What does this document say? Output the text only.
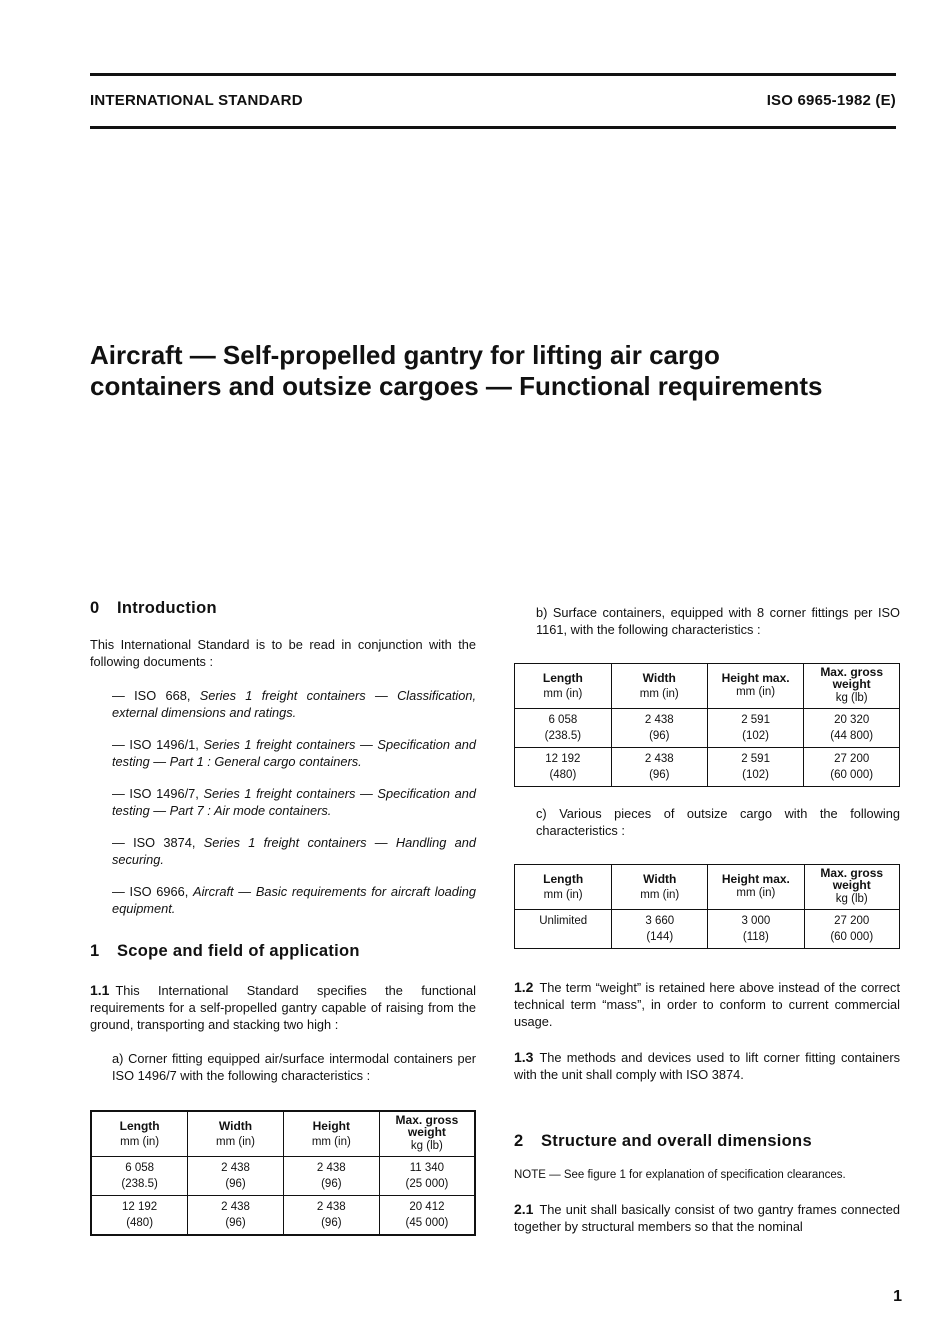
INTERNATIONAL STANDARD	ISO 6965-1982 (E)
Aircraft — Self-propelled gantry for lifting air cargo
containers and outsize cargoes — Functional requirements
0 Introduction

This International Standard is to be read in conjunction with the following documents :

— ISO 668, Series 1 freight containers — Classification, external dimensions and ratings.

— ISO 1496/1, Series 1 freight containers — Specification and testing — Part 1 : General cargo containers.

— ISO 1496/7, Series 1 freight containers — Specification and testing — Part 7 : Air mode containers.

— ISO 3874, Series 1 freight containers — Handling and securing.

— ISO 6966, Aircraft — Basic requirements for aircraft loading equipment.

1 Scope and field of application

1.1 This International Standard specifies the functional requirements for a self-propelled gantry capable of raising from the ground, transporting and stacking two high :

a) Corner fitting equipped air/surface intermodal containers per ISO 1496/7 with the following characteristics :

Length
mm (in)	Width
mm (in)	Height
mm (in)	Max. gross weight
kg (lb)

6 058
(238.5)	2 438
(96)	2 438
(96)	11 340
(25 000)

12 192
(480)	2 438
(96)	2 438
(96)	20 412
(45 000)

b) Surface containers, equipped with 8 corner fittings per ISO 1161, with the following characteristics :

Length
mm (in)	Width
mm (in)	Height max.
mm (in)	Max. gross weight
kg (lb)

6 058
(238.5)	2 438
(96)	2 591
(102)	20 320
(44 800)

12 192
(480)	2 438
(96)	2 591
(102)	27 200
(60 000)

c) Various pieces of outsize cargo with the following characteristics :

Length
mm (in)	Width
mm (in)	Height max.
mm (in)	Max. gross weight
kg (lb)

Unlimited	3 660
(144)	3 000
(118)	27 200
(60 000)

1.2 The term “weight” is retained here above instead of the correct technical term “mass”, in order to conform to current commercial usage.

1.3 The methods and devices used to lift corner fitting containers with the unit shall comply with ISO 3874.

2 Structure and overall dimensions

NOTE — See figure 1 for explanation of specification clearances.

2.1 The unit shall basically consist of two gantry frames connected together by structural members so that the nominal

1
